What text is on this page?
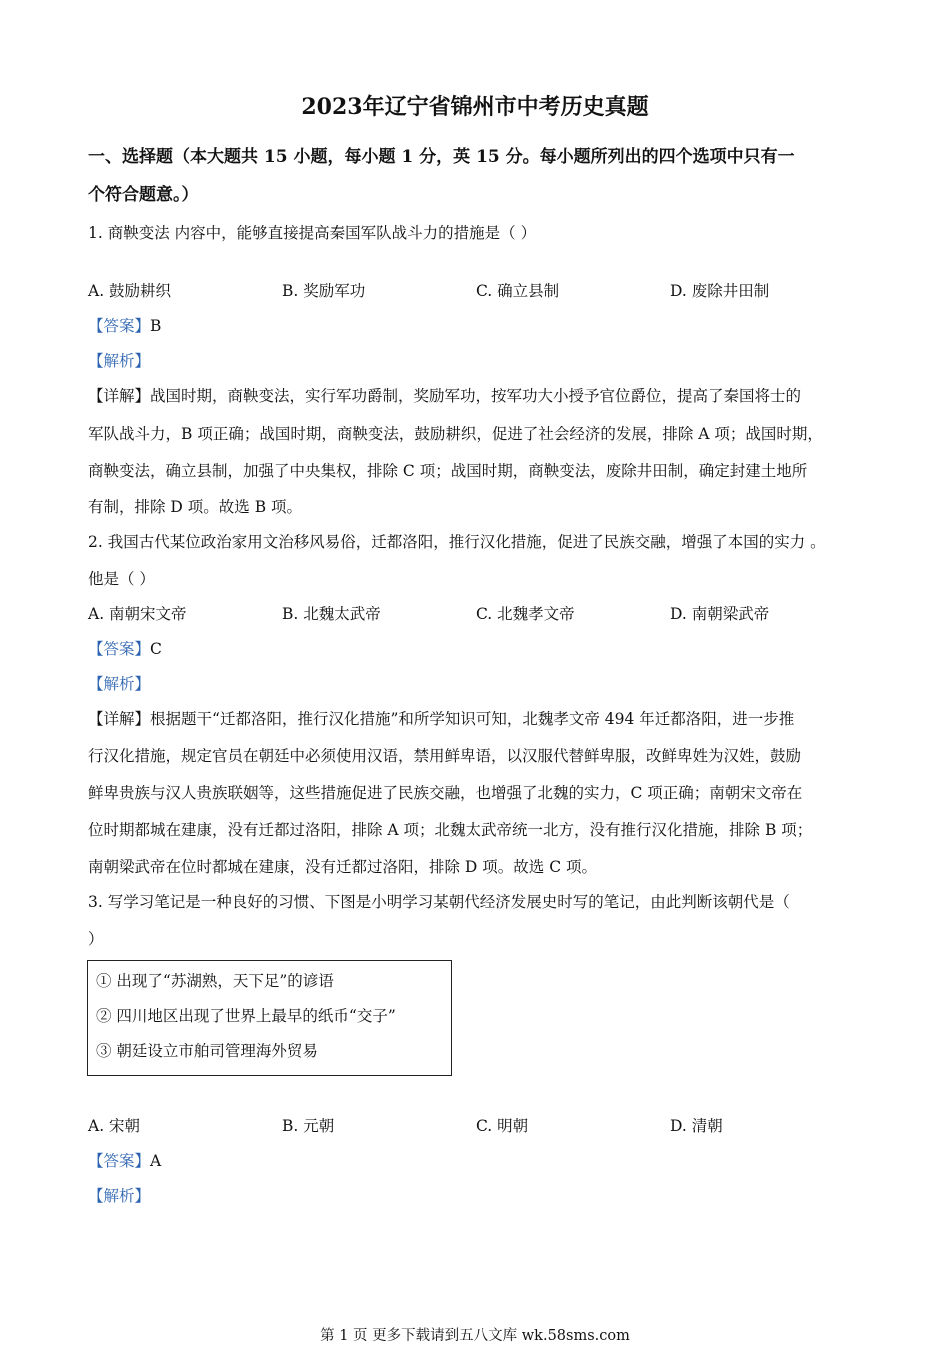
2023年辽宁省锦州市中考历史真题
一、选择题（本大题共 15 小题，每小题 1 分，英 15 分。每小题所列出的四个选项中只有一
个符合题意。）
1. 商鞅变法 内容中，能够直接提高秦国军队战斗力的措施是（ ）
A. 鼓励耕织	B. 奖励军功	C. 确立县制	D. 废除井田制
【答案】B
【解析】
【详解】战国时期，商鞅变法，实行军功爵制，奖励军功，按军功大小授予官位爵位，提高了秦国将士的
军队战斗力，B 项正确；战国时期，商鞅变法，鼓励耕织，促进了社会经济的发展，排除 A 项；战国时期，
商鞅变法，确立县制，加强了中央集权，排除 C 项；战国时期，商鞅变法，废除井田制，确定封建土地所
有制，排除 D 项。故选 B 项。
2. 我国古代某位政治家用文治移风易俗，迁都洛阳，推行汉化措施，促进了民族交融，增强了本国的实力 。
他是（ ）
A. 南朝宋文帝	B. 北魏太武帝	C. 北魏孝文帝	D. 南朝梁武帝
【答案】C
【解析】
【详解】根据题干“迁都洛阳，推行汉化措施”和所学知识可知，北魏孝文帝 494 年迁都洛阳，进一步推
行汉化措施，规定官员在朝廷中必须使用汉语，禁用鲜卑语，以汉服代替鲜卑服，改鲜卑姓为汉姓，鼓励
鲜卑贵族与汉人贵族联姻等，这些措施促进了民族交融，也增强了北魏的实力，C 项正确；南朝宋文帝在
位时期都城在建康，没有迁都过洛阳，排除 A 项；北魏太武帝统一北方，没有推行汉化措施，排除 B 项；
南朝梁武帝在位时都城在建康，没有迁都过洛阳，排除 D 项。故选 C 项。
3. 写学习笔记是一种良好的习惯、下图是小明学习某朝代经济发展史时写的笔记，由此判断该朝代是（
）
① 出现了“苏湖熟，天下足”的谚语
② 四川地区出现了世界上最早的纸币“交子”
③ 朝廷设立市舶司管理海外贸易
A. 宋朝	B. 元朝	C. 明朝	D. 清朝
【答案】A
【解析】
第 1 页 更多下载请到五八文库 wk.58sms.com
